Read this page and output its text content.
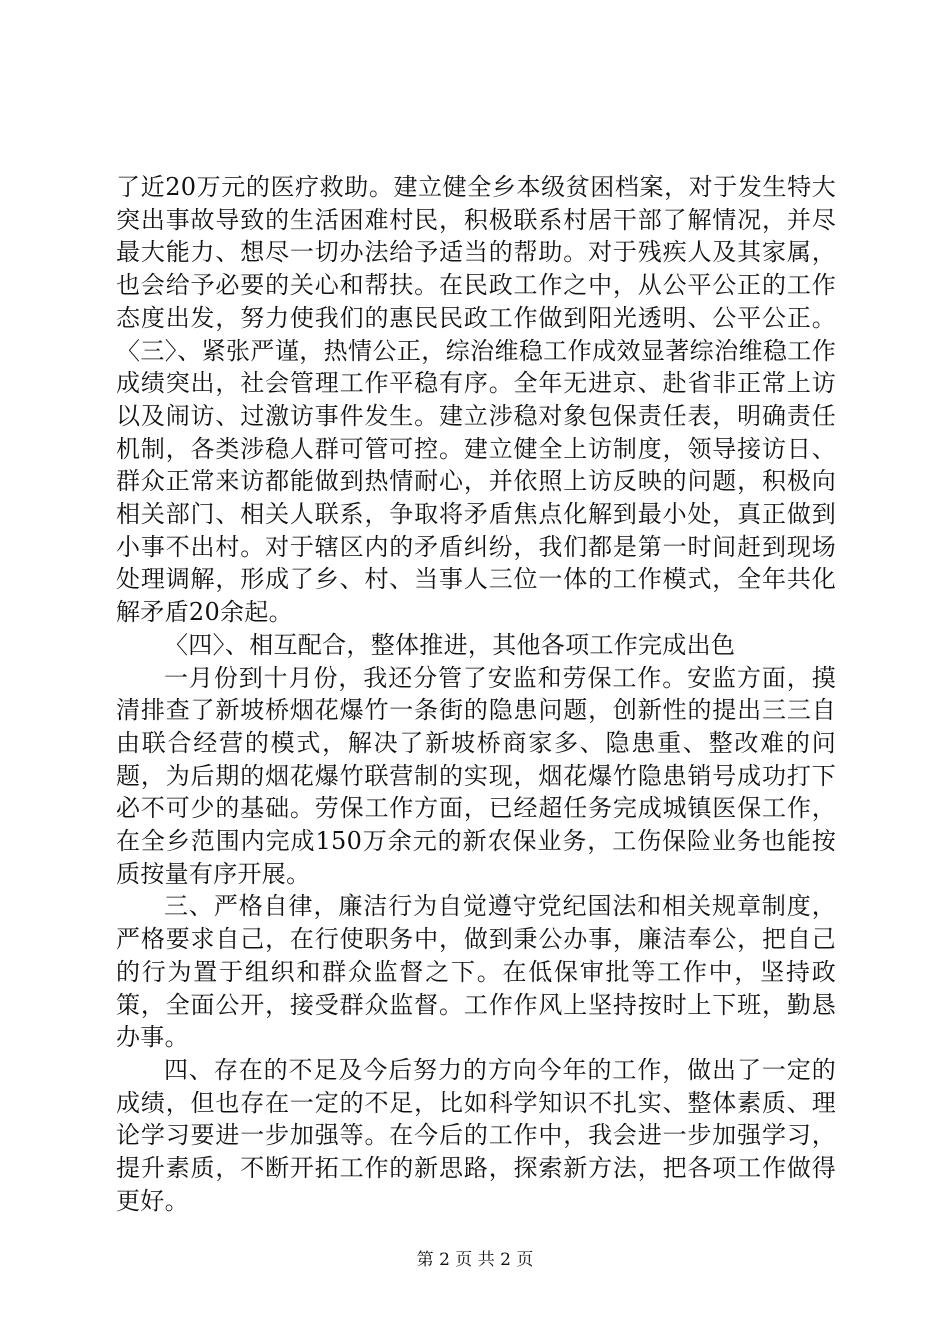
了近20万元的医疗救助。建立健全乡本级贫困档案，对于发生特大突出事故导致的生活困难村民，积极联系村居干部了解情况，并尽最大能力、想尽一切办法给予适当的帮助。对于残疾人及其家属，也会给予必要的关心和帮扶。在民政工作之中，从公平公正的工作态度出发，努力使我们的惠民民政工作做到阳光透明、公平公正。〈三〉、紧张严谨，热情公正，综治维稳工作成效显著综治维稳工作成绩突出，社会管理工作平稳有序。全年无进京、赴省非正常上访以及闹访、过激访事件发生。建立涉稳对象包保责任表，明确责任机制，各类涉稳人群可管可控。建立健全上访制度，领导接访日、群众正常来访都能做到热情耐心，并依照上访反映的问题，积极向相关部门、相关人联系，争取将矛盾焦点化解到最小处，真正做到小事不出村。对于辖区内的矛盾纠纷，我们都是第一时间赶到现场处理调解，形成了乡、村、当事人三位一体的工作模式，全年共化解矛盾20余起。

〈四〉、相互配合，整体推进，其他各项工作完成出色

一月份到十月份，我还分管了安监和劳保工作。安监方面，摸清排查了新坡桥烟花爆竹一条街的隐患问题，创新性的提出三三自由联合经营的模式，解决了新坡桥商家多、隐患重、整改难的问题，为后期的烟花爆竹联营制的实现，烟花爆竹隐患销号成功打下必不可少的基础。劳保工作方面，已经超任务完成城镇医保工作，在全乡范围内完成150万余元的新农保业务，工伤保险业务也能按质按量有序开展。

三、严格自律，廉洁行为自觉遵守党纪国法和相关规章制度，严格要求自己，在行使职务中，做到秉公办事，廉洁奉公，把自己的行为置于组织和群众监督之下。在低保审批等工作中，坚持政策，全面公开，接受群众监督。工作作风上坚持按时上下班，勤恳办事。

四、存在的不足及今后努力的方向今年的工作，做出了一定的成绩，但也存在一定的不足，比如科学知识不扎实、整体素质、理论学习要进一步加强等。在今后的工作中，我会进一步加强学习，提升素质，不断开拓工作的新思路，探索新方法，把各项工作做得更好。

第 2 页 共 2 页
